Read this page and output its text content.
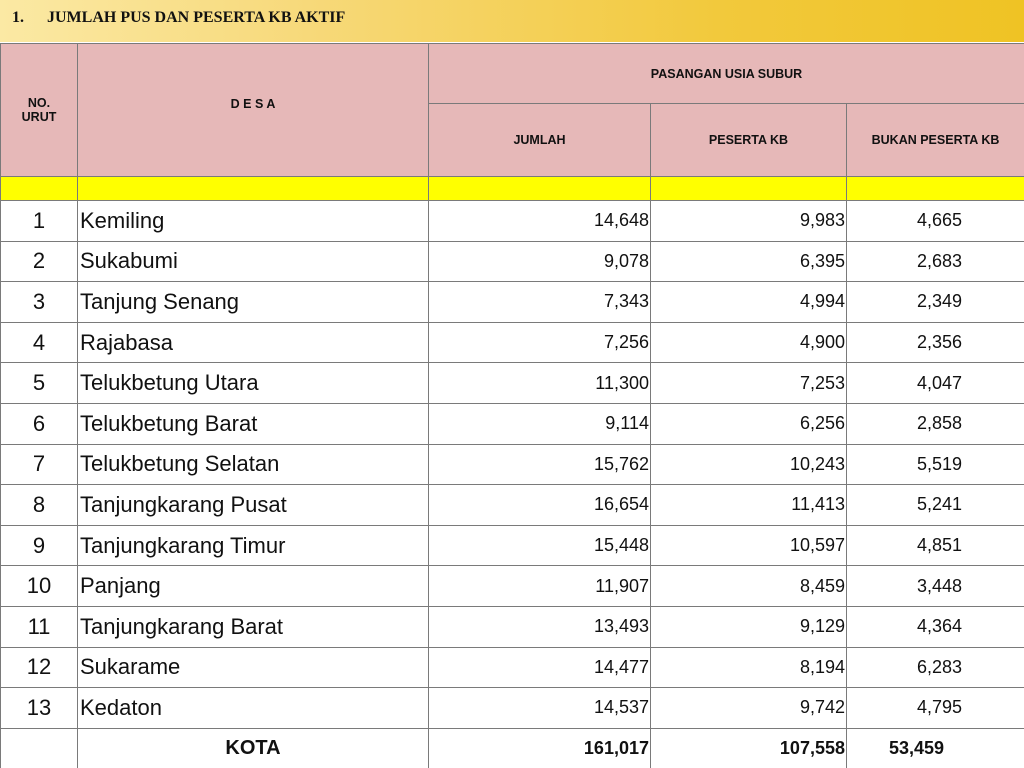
1. JUMLAH PUS DAN PESERTA KB AKTIF
NO.
URUT	D E S A	PASANGAN USIA SUBUR		
		JUMLAH	PESERTA KB	BUKAN PESERTA KB

1	Kemiling	14,648	9,983	4,665
2	Sukabumi	9,078	6,395	2,683
3	Tanjung Senang	7,343	4,994	2,349
4	Rajabasa	7,256	4,900	2,356
5	Telukbetung Utara	11,300	7,253	4,047
6	Telukbetung Barat	9,114	6,256	2,858
7	Telukbetung Selatan	15,762	10,243	5,519
8	Tanjungkarang Pusat	16,654	11,413	5,241
9	Tanjungkarang Timur	15,448	10,597	4,851
10	Panjang	11,907	8,459	3,448
11	Tanjungkarang Barat	13,493	9,129	4,364
12	Sukarame	14,477	8,194	6,283
13	Kedaton	14,537	9,742	4,795
	KOTA	161,017	107,558	53,459
